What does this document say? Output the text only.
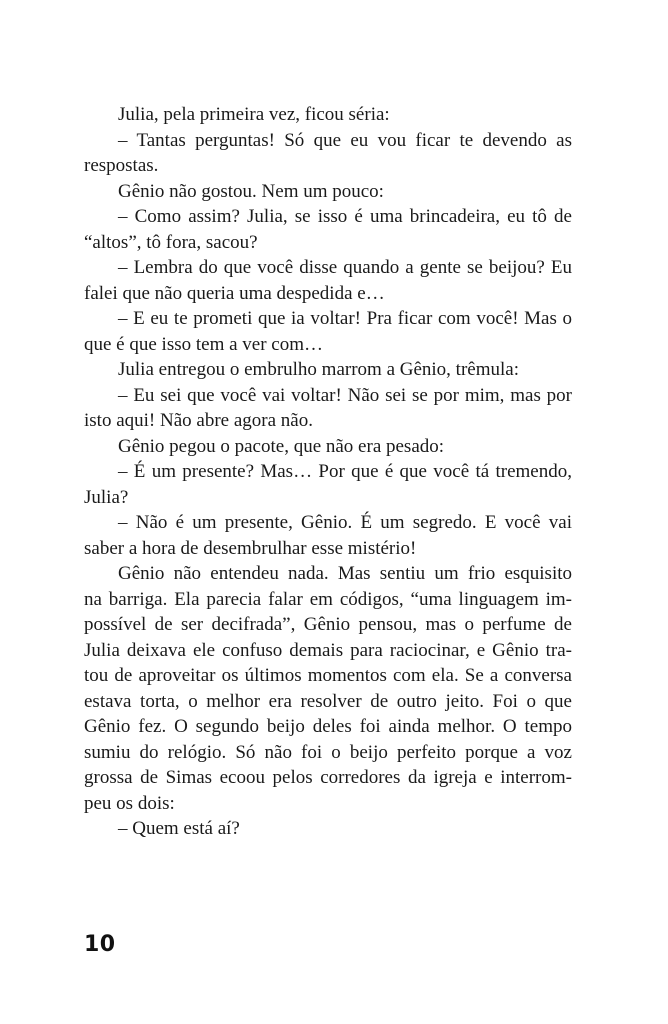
Julia, pela primeira vez, ficou séria:
– Tantas perguntas! Só que eu vou ficar te devendo as
respostas.
Gênio não gostou. Nem um pouco:
– Como assim? Julia, se isso é uma brincadeira, eu tô de
“altos”, tô fora, sacou?
– Lembra do que você disse quando a gente se beijou? Eu
falei que não queria uma despedida e…
– E eu te prometi que ia voltar! Pra ficar com você! Mas o
que é que isso tem a ver com…
Julia entregou o embrulho marrom a Gênio, trêmula:
– Eu sei que você vai voltar! Não sei se por mim, mas por
isto aqui! Não abre agora não.
Gênio pegou o pacote, que não era pesado:
– É um presente? Mas… Por que é que você tá tremendo,
Julia?
– Não é um presente, Gênio. É um segredo. E você vai
saber a hora de desembrulhar esse mistério!
Gênio não entendeu nada. Mas sentiu um frio esquisito
na barriga. Ela parecia falar em códigos, “uma linguagem im-
possível de ser decifrada”, Gênio pensou, mas o perfume de
Julia deixava ele confuso demais para raciocinar, e Gênio tra-
tou de aproveitar os últimos momentos com ela. Se a conversa
estava torta, o melhor era resolver de outro jeito. Foi o que
Gênio fez. O segundo beijo deles foi ainda melhor. O tempo
sumiu do relógio. Só não foi o beijo perfeito porque a voz
grossa de Simas ecoou pelos corredores da igreja e interrom-
peu os dois:
– Quem está aí?
10
